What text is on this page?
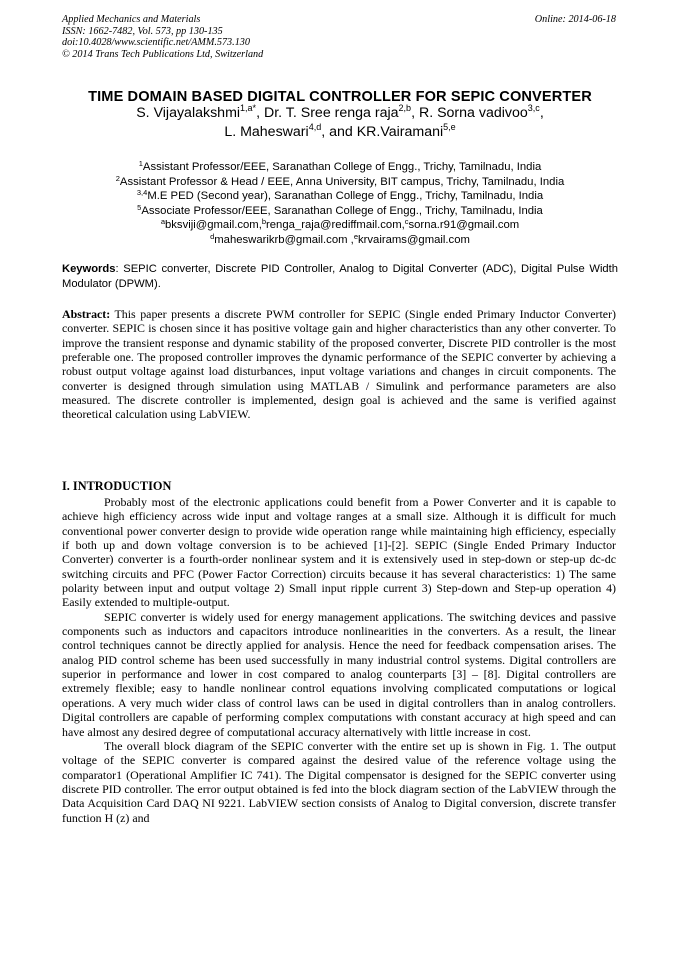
Applied Mechanics and Materials
ISSN: 1662-7482, Vol. 573, pp 130-135
doi:10.4028/www.scientific.net/AMM.573.130
© 2014 Trans Tech Publications Ltd, Switzerland
Online: 2014-06-18
TIME DOMAIN BASED DIGITAL CONTROLLER FOR SEPIC CONVERTER
S. Vijayalakshmi$^{1,a*}$, Dr. T. Sree renga raja$^{2,b}$, R. Sorna vadivoo$^{3,c}$,
L. Maheswari$^{4,d}$, and KR.Vairamani$^{5,e}$
$^1$Assistant Professor/EEE, Saranathan College of Engg., Trichy, Tamilnadu, India
$^2$Assistant Professor & Head / EEE, Anna University, BIT campus, Trichy, Tamilnadu, India
$^{3,4}$M.E PED (Second year), Saranathan College of Engg., Trichy, Tamilnadu, India
$^5$Associate Professor/EEE, Saranathan College of Engg., Trichy, Tamilnadu, India
$^a$bksviji@gmail.com,$^b$renga_raja@rediffmail.com,$^c$sorna.r91@gmail.com
$^d$maheswarikrb@gmail.com ,$^e$krvairams@gmail.com
Keywords: SEPIC converter, Discrete PID Controller, Analog to Digital Converter (ADC), Digital Pulse Width Modulator (DPWM).
Abstract: This paper presents a discrete PWM controller for SEPIC (Single ended Primary Inductor Converter) converter. SEPIC is chosen since it has positive voltage gain and higher characteristics than any other converter. To improve the transient response and dynamic stability of the proposed converter, Discrete PID controller is the most preferable one. The proposed controller improves the dynamic performance of the SEPIC converter by achieving a robust output voltage against load disturbances, input voltage variations and changes in circuit components. The converter is designed through simulation using MATLAB / Simulink and performance parameters are also measured. The discrete controller is implemented, design goal is achieved and the same is verified against theoretical calculation using LabVIEW.
I. INTRODUCTION

Probably most of the electronic applications could benefit from a Power Converter and it is capable to achieve high efficiency across wide input and voltage ranges at a small size. Although it is difficult for much conventional power converter design to provide wide operation range while maintaining high efficiency, especially if both up and down voltage conversion is to be achieved [1]-[2]. SEPIC (Single Ended Primary Inductor Converter) converter is a fourth-order nonlinear system and it is extensively used in step-down or step-up dc-dc switching circuits and PFC (Power Factor Correction) circuits because it has several characteristics: 1) The same polarity between input and output voltage 2) Small input ripple current 3) Step-down and Step-up operation 4) Easily extended to multiple-output.

SEPIC converter is widely used for energy management applications. The switching devices and passive components such as inductors and capacitors introduce nonlinearities in the converters. As a result, the linear control techniques cannot be directly applied for analysis. Hence the need for feedback compensation arises. The analog PID control scheme has been used successfully in many industrial control systems. Digital controllers are superior in performance and lower in cost compared to analog counterparts [3] – [8]. Digital controllers are extremely flexible; easy to handle nonlinear control equations involving complicated computations or logical operations. A very much wider class of control laws can be used in digital controllers than in analog controllers. Digital controllers are capable of performing complex computations with constant accuracy at high speed and can have almost any desired degree of computational accuracy alternatively with little increase in cost.

The overall block diagram of the SEPIC converter with the entire set up is shown in Fig. 1. The output voltage of the SEPIC converter is compared against the desired value of the reference voltage using the comparator1 (Operational Amplifier IC 741). The Digital compensator is designed for the SEPIC converter using discrete PID controller. The error output obtained is fed into the block diagram section of the LabVIEW through the Data Acquisition Card DAQ NI 9221. LabVIEW section consists of Analog to Digital conversion, discrete transfer function H (z) and
